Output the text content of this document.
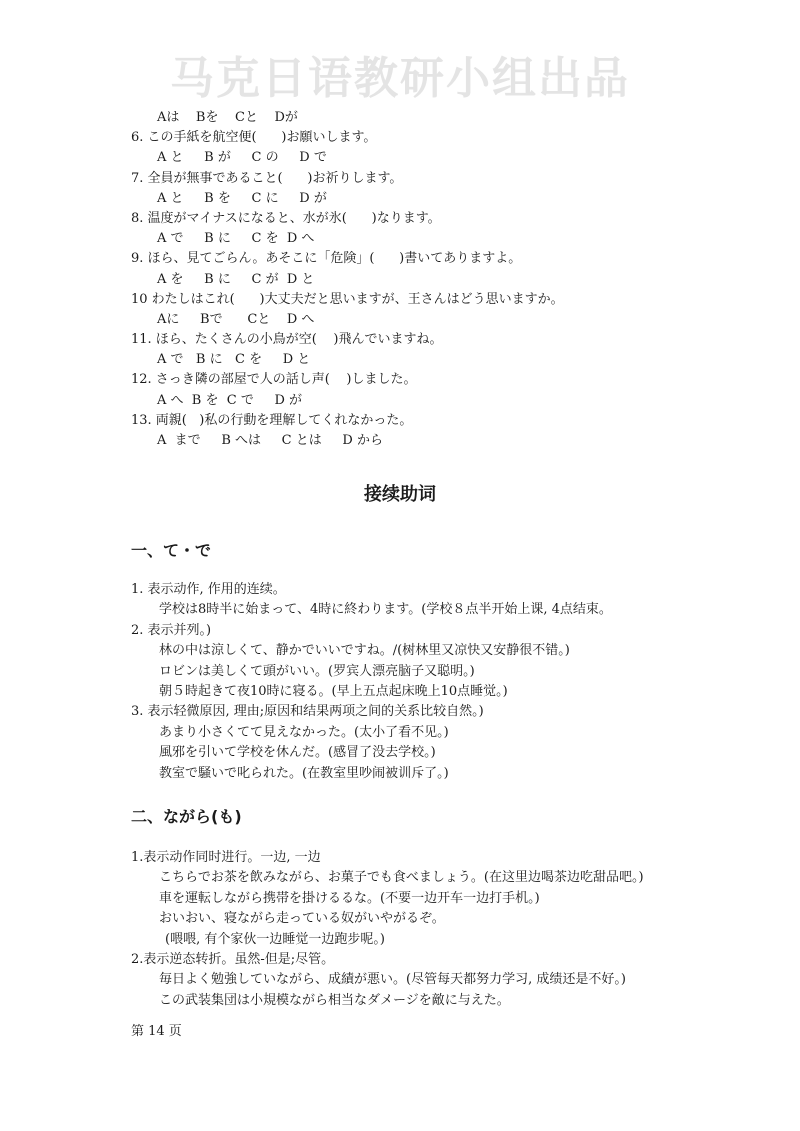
马克日语教研小组出品

Aは    Bを    Cと    Dが

6. この手紙を航空便(      )お願いします。

A と     B が     C の     D で

7. 全員が無事であること(      )お祈りします。

A と     B を     C に     D が

8. 温度がマイナスになると、水が氷(      )なります。

A で     B に     C を  D へ

9. ほら、見てごらん。あそこに「危険」(      )書いてありますよ。

A を     B に     C が  D と

10 わたしはこれ(      )大丈夫だと思いますが、王さんはどう思いますか。

Aに     Bで      Cと    D へ

11. ほら、たくさんの小鳥が空(    )飛んでいますね。

A で   B に   C を     D と

12. さっき隣の部屋で人の話し声(    )しました。

A へ  B を  C で     D が

13. 両親(   )私の行動を理解してくれなかった。

A  まで     B へは     C とは     D から

接续助词
一、て・で

1. 表示动作, 作用的连续。

学校は8時半に始まって、4時に終わります。(学校８点半开始上课, 4点结束。

2. 表示并列。)

林の中は涼しくて、静かでいいですね。/(树林里又凉快又安静很不错。)

ロビンは美しくて頭がいい。(罗宾人漂亮脑子又聪明。)

朝５時起きて夜10時に寝る。(早上五点起床晚上10点睡觉。)

3. 表示轻微原因, 理由;原因和结果两项之间的关系比较自然。)

あまり小さくてて見えなかった。(太小了看不见。)

風邪を引いて学校を休んだ。(感冒了没去学校。)

教室で騒いで叱られた。(在教室里吵闹被训斥了。)

二、ながら(も)

1.表示动作同时进行。一边, 一边

こちらでお茶を飲みながら、お菓子でも食べましょう。(在这里边喝茶边吃甜品吧。)

車を運転しながら携帯を掛けるるな。(不要一边开车一边打手机。)

おいおい、寝ながら走っている奴がいやがるぞ。

(喂喂, 有个家伙一边睡觉一边跑步呢。)

2.表示逆态转折。虽然-但是;尽管。

毎日よく勉強していながら、成績が悪い。(尽管每天都努力学习, 成绩还是不好。)

この武装集団は小規模ながら相当なダメージを敵に与えた。

第 14 页
